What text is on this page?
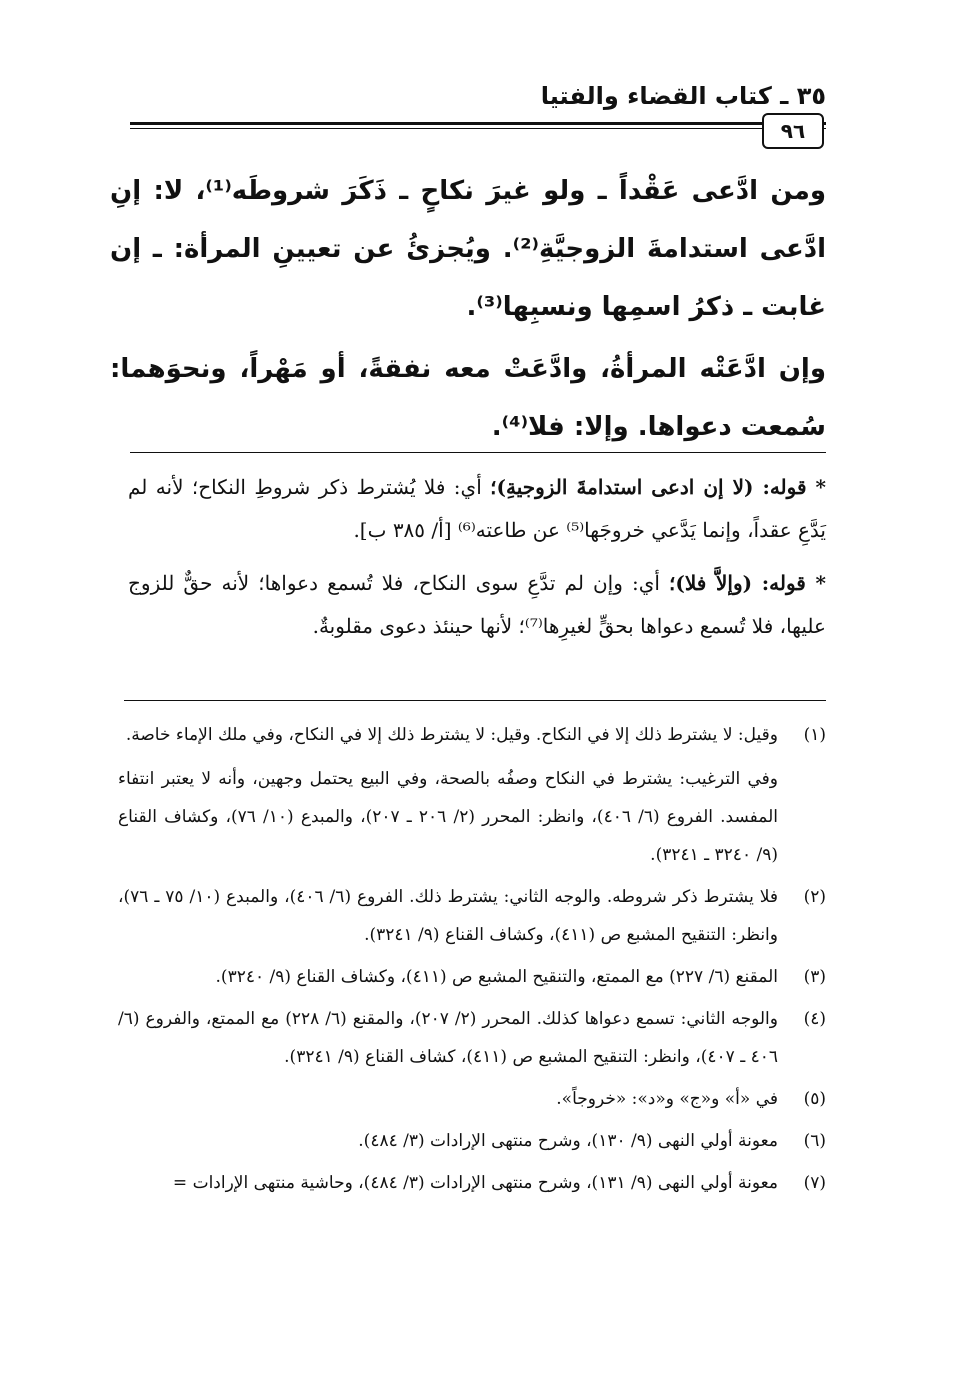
٣٥ ـ كتاب القضاء والفتيا
٩٦

ومن ادَّعى عَقْداً ـ ولو غيرَ نكاحٍ ـ ذَكَرَ شروطَه⁽¹⁾، لا: إنِ ادَّعى استدامةَ الزوجيَّةِ⁽²⁾. ويُجزئُ عن تعيينِ المرأة: ـ إن غابت ـ ذكرُ اسمِها ونسبِها⁽³⁾.

وإن ادَّعَتْه المرأةُ، وادَّعَتْ معه نفقةً، أو مَهْراً، ونحوَهما: سُمعت دعواها. وإلا: فلا⁽⁴⁾.

* قوله: (لا إن ادعى استدامةَ الزوجيةِ)؛ أي: فلا يُشترط ذكر شروطِ النكاح؛ لأنه لم يَدَّعِ عقداً، وإنما يَدَّعي خروجَها⁽⁵⁾ عن طاعته⁽⁶⁾ [أ/ ٣٨٥ ب].

* قوله: (وإلاَّ فلا)؛ أي: وإن لم تدَّعِ سوى النكاح، فلا تُسمع دعواها؛ لأنه حقٌّ للزوج عليها، فلا تُسمع دعواها بحقٍّ لغيرِها⁽⁷⁾؛ لأنها حينئذ دعوى مقلوبةٌ.

(١)

وقيل: لا يشترط ذلك إلا في النكاح. وقيل: لا يشترط ذلك إلا في النكاح، وفي ملك الإماء خاصة.

وفي الترغيب: يشترط في النكاح وصفُه بالصحة، وفي البيع يحتمل وجهين، وأنه لا يعتبر انتفاء المفسد. الفروع (٦/ ٤٠٦)، وانظر: المحرر (٢/ ٢٠٦ ـ ٢٠٧)، والمبدع (١٠/ ٧٦)، وكشاف القناع (٩/ ٣٢٤٠ ـ ٣٢٤١).

(٢)

فلا يشترط ذكر شروطه. والوجه الثاني: يشترط ذلك. الفروع (٦/ ٤٠٦)، والمبدع (١٠/ ٧٥ ـ ٧٦)، وانظر: التنقيح المشبع ص (٤١١)، وكشاف القناع (٩/ ٣٢٤١).

(٣)

المقنع (٦/ ٢٢٧) مع الممتع، والتنقيح المشبع ص (٤١١)، وكشاف القناع (٩/ ٣٢٤٠).

(٤)

والوجه الثاني: تسمع دعواها كذلك. المحرر (٢/ ٢٠٧)، والمقنع (٦/ ٢٢٨) مع الممتع، والفروع (٦/ ٤٠٦ ـ ٤٠٧)، وانظر: التنقيح المشبع ص (٤١١)، كشاف القناع (٩/ ٣٢٤١).

(٥)

في «أ» و«ج» و«د»: «خروجاً».

(٦)

معونة أولي النهى (٩/ ١٣٠)، وشرح منتهى الإرادات (٣/ ٤٨٤).

(٧)

معونة أولي النهى (٩/ ١٣١)، وشرح منتهى الإرادات (٣/ ٤٨٤)، وحاشية منتهى الإرادات =
